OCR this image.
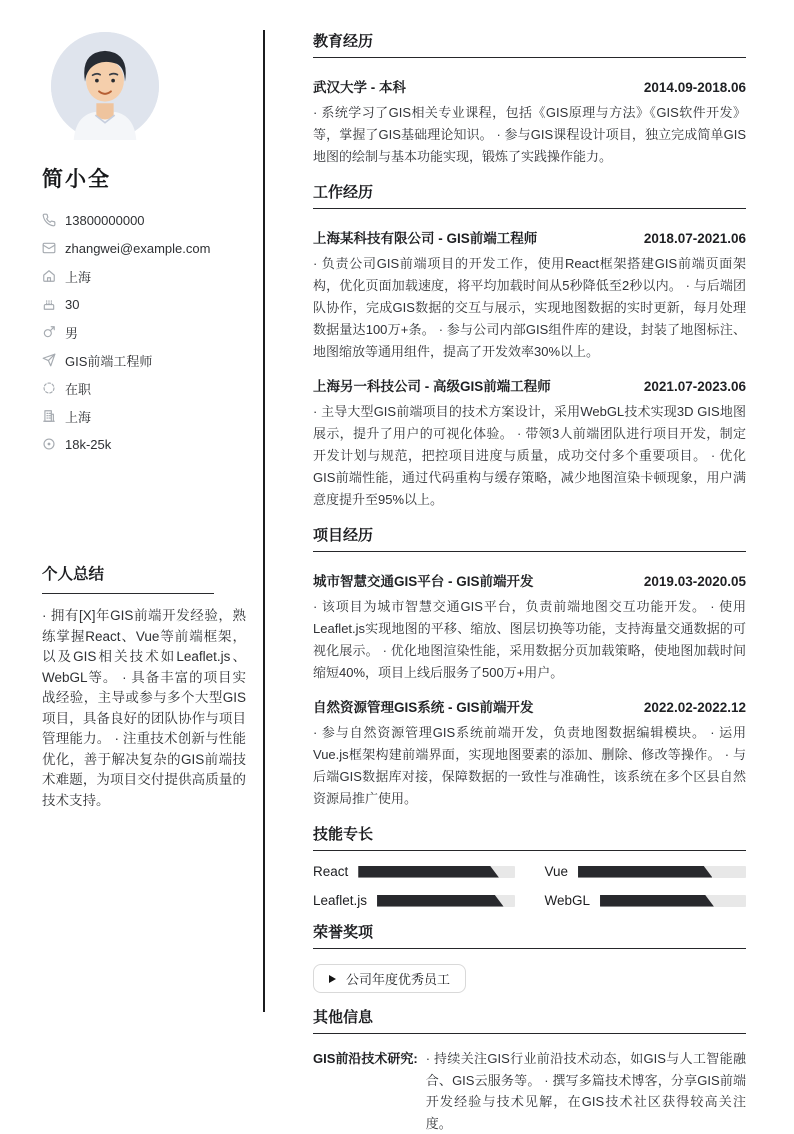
简小全
13800000000
zhangwei@example.com
上海
30
男
GIS前端工程师
在职
上海
18k-25k
个人总结
· 拥有[X]年GIS前端开发经验，熟练掌握React、Vue等前端框架，以及GIS相关技术如Leaflet.js、WebGL等。 · 具备丰富的项目实战经验，主导或参与多个大型GIS项目，具备良好的团队协作与项目管理能力。 · 注重技术创新与性能优化，善于解决复杂的GIS前端技术难题，为项目交付提供高质量的技术支持。
教育经历
武汉大学 - 本科	2014.09-2018.06
· 系统学习了GIS相关专业课程，包括《GIS原理与方法》《GIS软件开发》等，掌握了GIS基础理论知识。 · 参与GIS课程设计项目，独立完成简单GIS地图的绘制与基本功能实现，锻炼了实践操作能力。
工作经历
上海某科技有限公司 - GIS前端工程师	2018.07-2021.06
· 负责公司GIS前端项目的开发工作，使用React框架搭建GIS前端页面架构，优化页面加载速度，将平均加载时间从5秒降低至2秒以内。 · 与后端团队协作，完成GIS数据的交互与展示，实现地图数据的实时更新，每月处理数据量达100万+条。 · 参与公司内部GIS组件库的建设，封装了地图标注、地图缩放等通用组件，提高了开发效率30%以上。
上海另一科技公司 - 高级GIS前端工程师	2021.07-2023.06
· 主导大型GIS前端项目的技术方案设计，采用WebGL技术实现3D GIS地图展示，提升了用户的可视化体验。 · 带领3人前端团队进行项目开发，制定开发计划与规范，把控项目进度与质量，成功交付多个重要项目。 · 优化GIS前端性能，通过代码重构与缓存策略，减少地图渲染卡顿现象，用户满意度提升至95%以上。
项目经历
城市智慧交通GIS平台 - GIS前端开发	2019.03-2020.05
· 该项目为城市智慧交通GIS平台，负责前端地图交互功能开发。 · 使用Leaflet.js实现地图的平移、缩放、图层切换等功能，支持海量交通数据的可视化展示。 · 优化地图渲染性能，采用数据分页加载策略，使地图加载时间缩短40%，项目上线后服务了500万+用户。
自然资源管理GIS系统 - GIS前端开发	2022.02-2022.12
· 参与自然资源管理GIS系统前端开发，负责地图数据编辑模块。 · 运用Vue.js框架构建前端界面，实现地图要素的添加、删除、修改等操作。 · 与后端GIS数据库对接，保障数据的一致性与准确性，该系统在多个区县自然资源局推广使用。
技能专长
React	Vue
Leaflet.js	WebGL
荣誉奖项
公司年度优秀员工
其他信息
GIS前沿技术研究: · 持续关注GIS行业前沿技术动态，如GIS与人工智能融合、GIS云服务等。 · 撰写多篇技术博客，分享GIS前端开发经验与技术见解，在GIS技术社区获得较高关注度。
